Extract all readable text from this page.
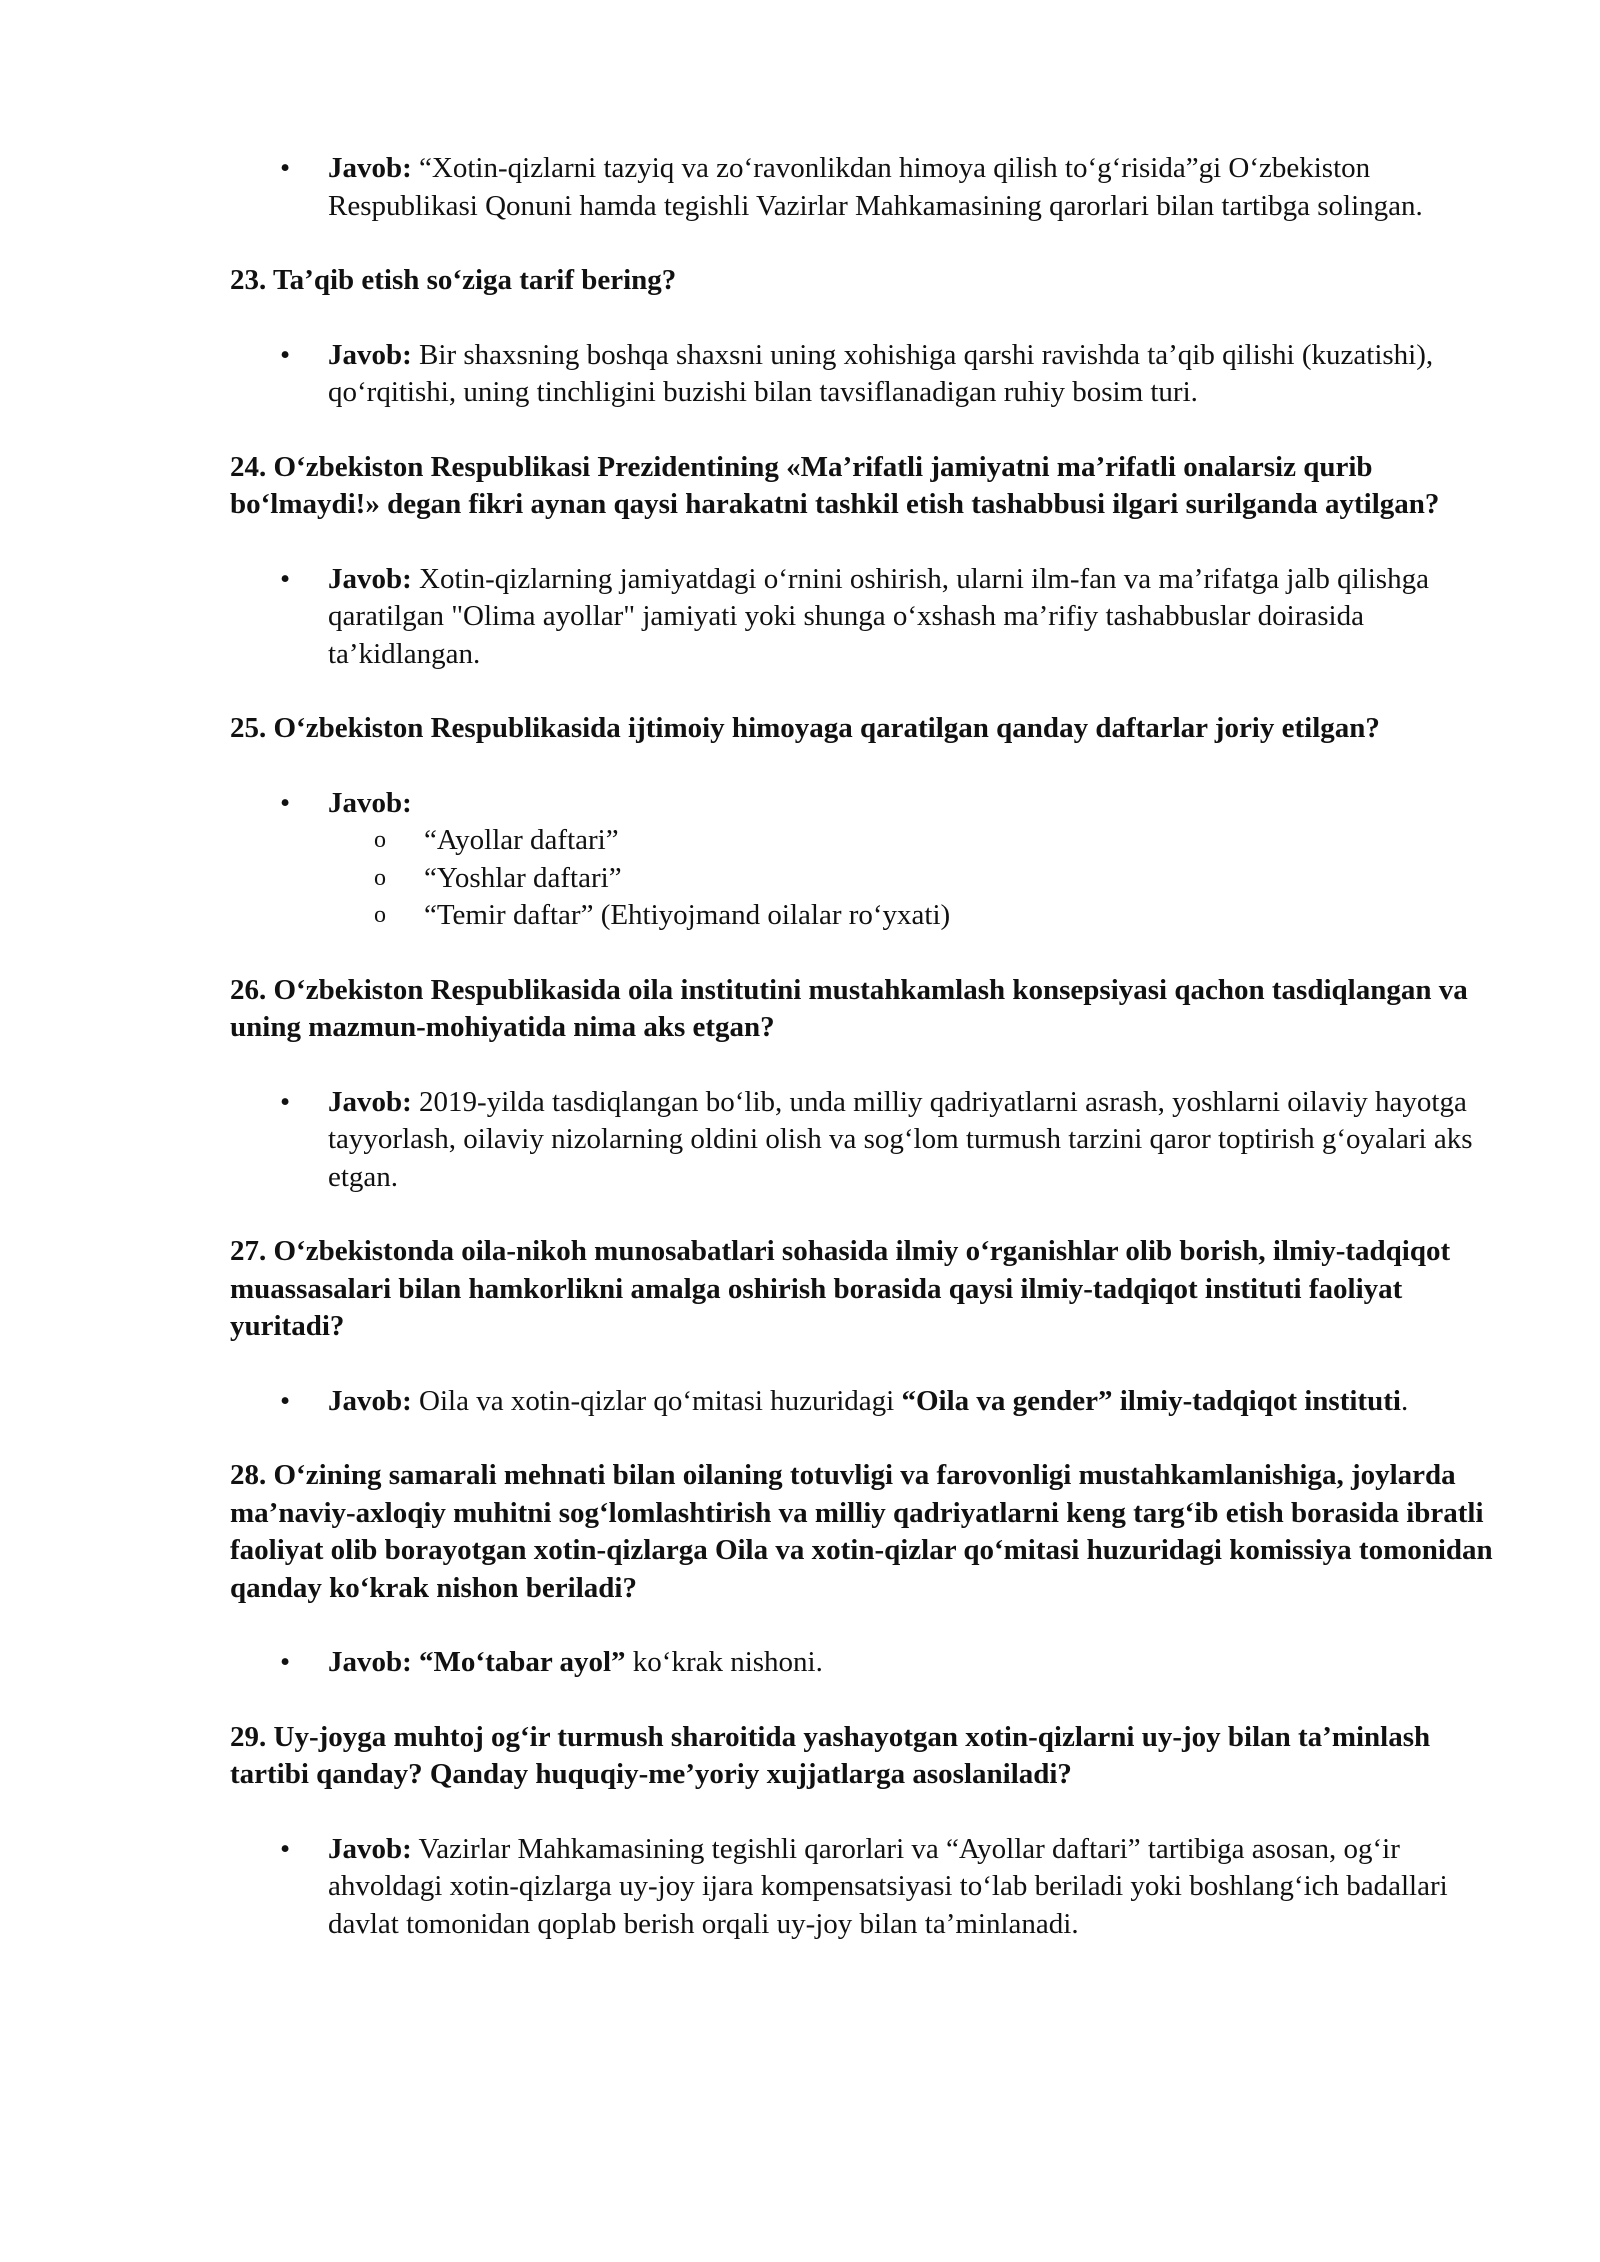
• Javob: “Xotin-qizlarni tazyiq va zo‘ravonlikdan himoya qilish to‘g‘risida”gi O‘zbekiston Respublikasi Qonuni hamda tegishli Vazirlar Mahkamasining qarorlari bilan tartibga solingan.
23. Ta’qib etish so‘ziga tarif bering?
• Javob: Bir shaxsning boshqa shaxsni uning xohishiga qarshi ravishda ta’qib qilishi (kuzatishi), qo‘rqitishi, uning tinchligini buzishi bilan tavsiflanadigan ruhiy bosim turi.
24. O‘zbekiston Respublikasi Prezidentining «Ma’rifatli jamiyatni ma’rifatli onalarsiz qurib bo‘lmaydi!» degan fikri aynan qaysi harakatni tashkil etish tashabbusi ilgari surilganda aytilgan?
• Javob: Xotin-qizlarning jamiyatdagi o‘rnini oshirish, ularni ilm-fan va ma’rifatga jalb qilishga qaratilgan "Olima ayollar" jamiyati yoki shunga o‘xshash ma’rifiy tashabbuslar doirasida ta’kidlangan.
25. O‘zbekiston Respublikasida ijtimoiy himoyaga qaratilgan qanday daftarlar joriy etilgan?
• Javob:
o “Ayollar daftari”
o “Yoshlar daftari”
o “Temir daftar” (Ehtiyojmand oilalar ro‘yxati)
26. O‘zbekiston Respublikasida oila institutini mustahkamlash konsepsiyasi qachon tasdiqlangan va uning mazmun-mohiyatida nima aks etgan?
• Javob: 2019-yilda tasdiqlangan bo‘lib, unda milliy qadriyatlarni asrash, yoshlarni oilaviy hayotga tayyorlash, oilaviy nizolarning oldini olish va sog‘lom turmush tarzini qaror toptirish g‘oyalari aks etgan.
27. O‘zbekistonda oila-nikoh munosabatlari sohasida ilmiy o‘rganishlar olib borish, ilmiy-tadqiqot muassasalari bilan hamkorlikni amalga oshirish borasida qaysi ilmiy-tadqiqot instituti faoliyat yuritadi?
• Javob: Oila va xotin-qizlar qo‘mitasi huzuridagi “Oila va gender” ilmiy-tadqiqot instituti.
28. O‘zining samarali mehnati bilan oilaning totuvligi va farovonligi mustahkamlanishiga, joylarda ma’naviy-axloqiy muhitni sog‘lomlashtirish va milliy qadriyatlarni keng targ‘ib etish borasida ibratli faoliyat olib borayotgan xotin-qizlarga Oila va xotin-qizlar qo‘mitasi huzuridagi komissiya tomonidan qanday ko‘krak nishon beriladi?
• Javob: “Mo‘tabar ayol” ko‘krak nishoni.
29. Uy-joyga muhtoj og‘ir turmush sharoitida yashayotgan xotin-qizlarni uy-joy bilan ta’minlash tartibi qanday? Qanday huquqiy-me’yoriy xujjatlarga asoslaniladi?
• Javob: Vazirlar Mahkamasining tegishli qarorlari va “Ayollar daftari” tartibiga asosan, og‘ir ahvoldagi xotin-qizlarga uy-joy ijara kompensatsiyasi to‘lab beriladi yoki boshlang‘ich badallari davlat tomonidan qoplab berish orqali uy-joy bilan ta’minlanadi.
